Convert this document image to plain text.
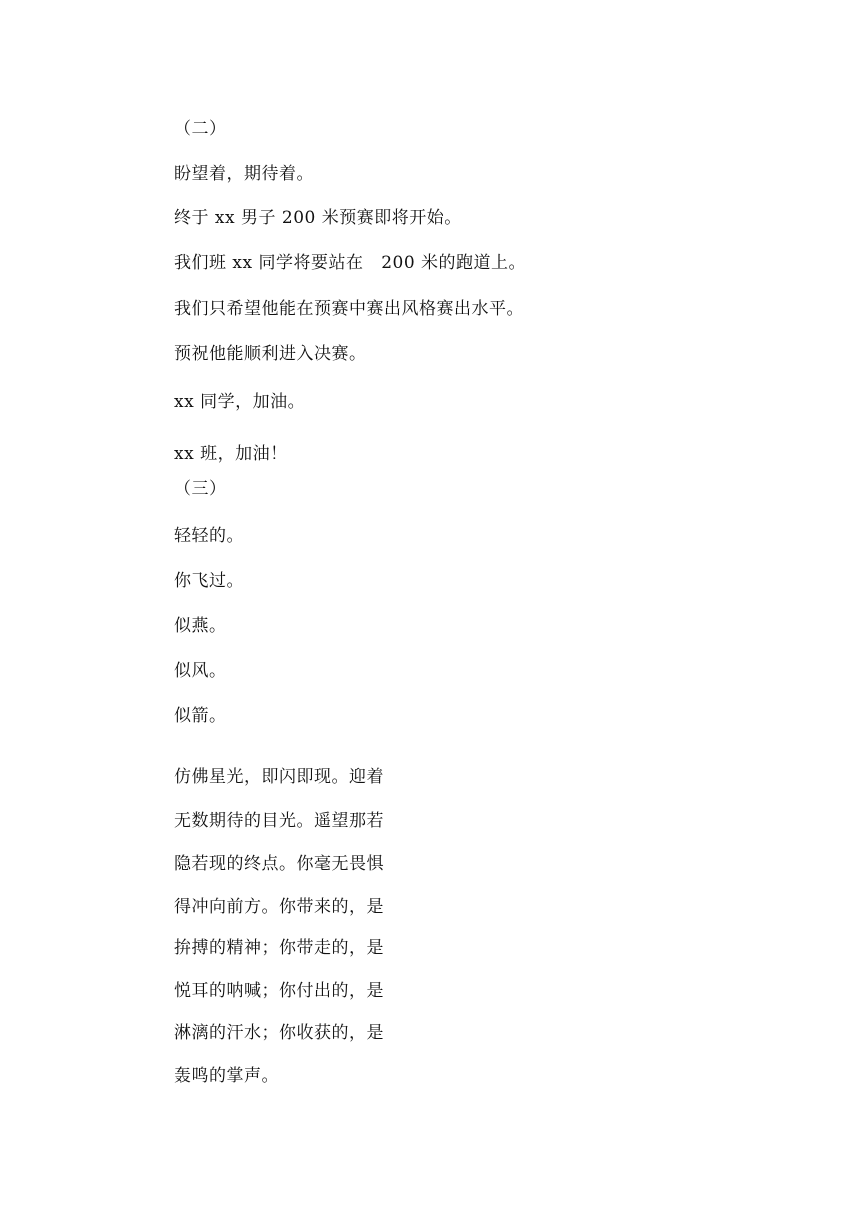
（二）
盼望着，期待着。
终于 xx 男子 200 米预赛即将开始。
我们班 xx 同学将要站在   200 米的跑道上。
我们只希望他能在预赛中赛出风格赛出水平。
预祝他能顺利进入决赛。
xx 同学，加油。
xx 班，加油！
（三）
轻轻的。
你飞过。
似燕。
似风。
似箭。
仿佛星光，即闪即现。迎着
无数期待的目光。遥望那若
隐若现的终点。你毫无畏惧
得冲向前方。你带来的，是
拚搏的精神；你带走的，是
悦耳的呐喊；你付出的，是
淋漓的汗水；你收获的，是
轰鸣的掌声。
